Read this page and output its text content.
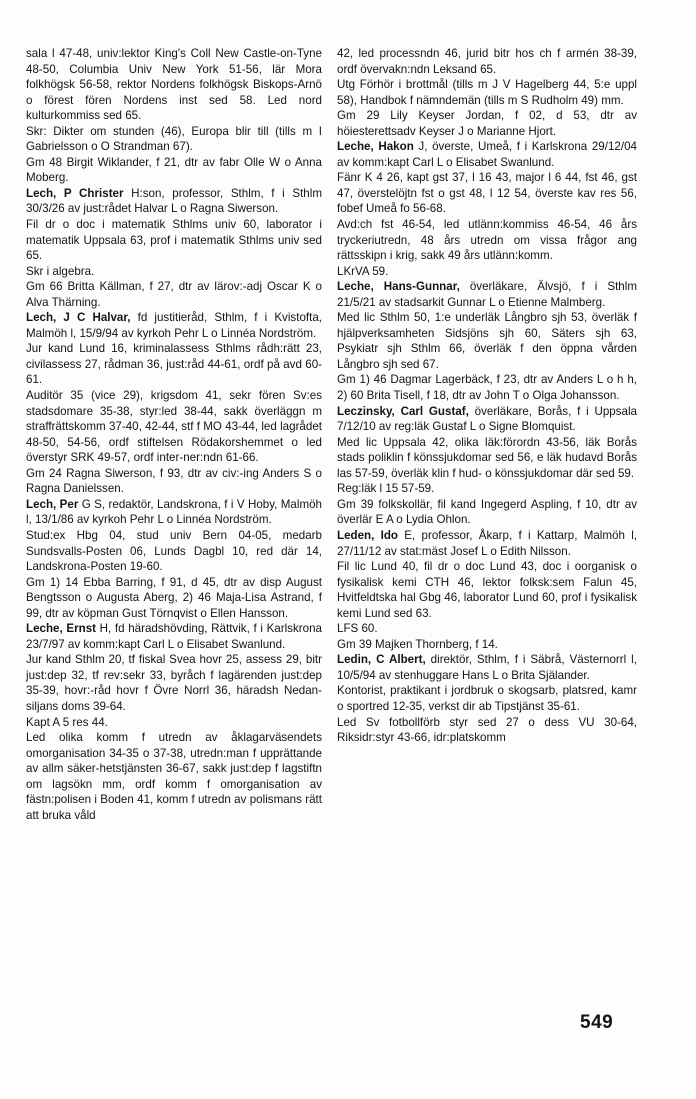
sala l 47-48, univ:lektor King's Coll New Castle-on-Tyne 48-50, Columbia Univ New York 51-56, lär Mora folkhögsk 56-58, rektor Nordens folkhögsk Biskops-Arnö o förest fören Nordens inst sed 58. Led nord kulturkommiss sed 65.

Skr: Dikter om stunden (46), Europa blir till (tills m I Gabrielsson o O Strandman 67).

Gm 48 Birgit Wiklander, f 21, dtr av fabr Olle W o Anna Moberg.

Lech, P Christer H:son, professor, Sthlm, f i Sthlm 30/3/26 av just:rådet Halvar L o Ragna Siwerson.

Fil dr o doc i matematik Sthlms univ 60, laborator i matematik Uppsala 63, prof i matematik Sthlms univ sed 65.

Skr i algebra.

Gm 66 Britta Källman, f 27, dtr av lärov:-adj Oscar K o Alva Thärning.

Lech, J C Halvar, fd justitieråd, Sthlm, f i Kvistofta, Malmöh l, 15/9/94 av kyrkoh Pehr L o Linnéa Nordström.

Jur kand Lund 16, kriminalassess Sthlms rådh:rätt 23, civilassess 27, rådman 36, just:råd 44-61, ordf på avd 60-61.

Auditör 35 (vice 29), krigsdom 41, sekr fören Sv:es stadsdomare 35-38, styr:led 38-44, sakk överläggn m straffrättskomm 37-40, 42-44, stf f MO 43-44, led lagrådet 48-50, 54-56, ordf stiftelsen Rödakorshemmet o led överstyr SRK 49-57, ordf inter-ner:ndn 61-66.

Gm 24 Ragna Siwerson, f 93, dtr av civ:-ing Anders S o Ragna Danielssen.

Lech, Per G S, redaktör, Landskrona, f i V Hoby, Malmöh l, 13/1/86 av kyrkoh Pehr L o Linnéa Nordström.

Stud:ex Hbg 04, stud univ Bern 04-05, medarb Sundsvalls-Posten 06, Lunds Dagbl 10, red där 14, Landskrona-Posten 19-60.

Gm 1) 14 Ebba Barring, f 91, d 45, dtr av disp August Bengtsson o Augusta Aberg, 2) 46 Maja-Lisa Astrand, f 99, dtr av köpman Gust Törnqvist o Ellen Hansson.

Leche, Ernst H, fd häradshövding, Rättvik, f i Karlskrona 23/7/97 av komm:kapt Carl L o Elisabet Swanlund.

Jur kand Sthlm 20, tf fiskal Svea hovr 25, assess 29, bitr just:dep 32, tf rev:sekr 33, byråch f lagärenden just:dep 35-39, hovr:-råd hovr f Övre Norrl 36, häradsh Nedan-siljans doms 39-64.

Kapt A 5 res 44.

Led olika komm f utredn av åklagarväsendets omorganisation 34-35 o 37-38, utredn:man f upprättande av allm säker-hetstjänsten 36-67, sakk just:dep f lagstiftn om lagsökn mm, ordf komm f omorganisation av fästn:polisen i Boden 41, komm f utredn av polismans rätt att bruka våld

42, led processndn 46, jurid bitr hos ch f armén 38-39, ordf övervakn:ndn Leksand 65.

Utg Förhör i brottmål (tills m J V Hagelberg 44, 5:e uppl 58), Handbok f nämndemän (tills m S Rudholm 49) mm.

Gm 29 Lily Keyser Jordan, f 02, d 53, dtr av höiesterettsadv Keyser J o Marianne Hjort.

Leche, Hakon J, överste, Umeå, f i Karlskrona 29/12/04 av komm:kapt Carl L o Elisabet Swanlund.

Fänr K 4 26, kapt gst 37, l 16 43, major l 6 44, fst 46, gst 47, överstelöjtn fst o gst 48, l 12 54, överste kav res 56, fobef Umeå fo 56-68.

Avd:ch fst 46-54, led utlänn:kommiss 46-54, 46 års tryckeriutredn, 48 års utredn om vissa frågor ang rättsskipn i krig, sakk 49 års utlänn:komm.

LKrVA 59.

Leche, Hans-Gunnar, överläkare, Älvsjö, f i Sthlm 21/5/21 av stadsarkit Gunnar L o Etienne Malmberg.

Med lic Sthlm 50, 1:e underläk Långbro sjh 53, överläk f hjälpverksamheten Sidsjöns sjh 60, Säters sjh 63, Psykiatr sjh Sthlm 66, överläk f den öppna vården Långbro sjh sed 67.

Gm 1) 46 Dagmar Lagerbäck, f 23, dtr av Anders L o h h, 2) 60 Brita Tisell, f 18, dtr av John T o Olga Johansson.

Leczinsky, Carl Gustaf, överläkare, Borås, f i Uppsala 7/12/10 av reg:läk Gustaf L o Signe Blomquist.

Med lic Uppsala 42, olika läk:förordn 43-56, läk Borås stads poliklin f könssjukdomar sed 56, e läk hudavd Borås las 57-59, överläk klin f hud- o könssjukdomar där sed 59.

Reg:läk l 15 57-59.

Gm 39 folkskollär, fil kand Ingegerd Aspling, f 10, dtr av överlär E A o Lydia Ohlon.

Leden, Ido E, professor, Åkarp, f i Kattarp, Malmöh l, 27/11/12 av stat:mäst Josef L o Edith Nilsson.

Fil lic Lund 40, fil dr o doc Lund 43, doc i oorganisk o fysikalisk kemi CTH 46, lektor folksk:sem Falun 45, Hvitfeldtska hal Gbg 46, laborator Lund 60, prof i fysikalisk kemi Lund sed 63.

LFS 60.

Gm 39 Majken Thornberg, f 14.

Ledin, C Albert, direktör, Sthlm, f i Säbrå, Västernorrl l, 10/5/94 av stenhuggare Hans L o Brita Själander.

Kontorist, praktikant i jordbruk o skogsarb, platsred, kamr o sportred 12-35, verkst dir ab Tipstjänst 35-61.

Led Sv fotbollförb styr sed 27 o dess VU 30-64, Riksidr:styr 43-66, idr:platskomm

549
